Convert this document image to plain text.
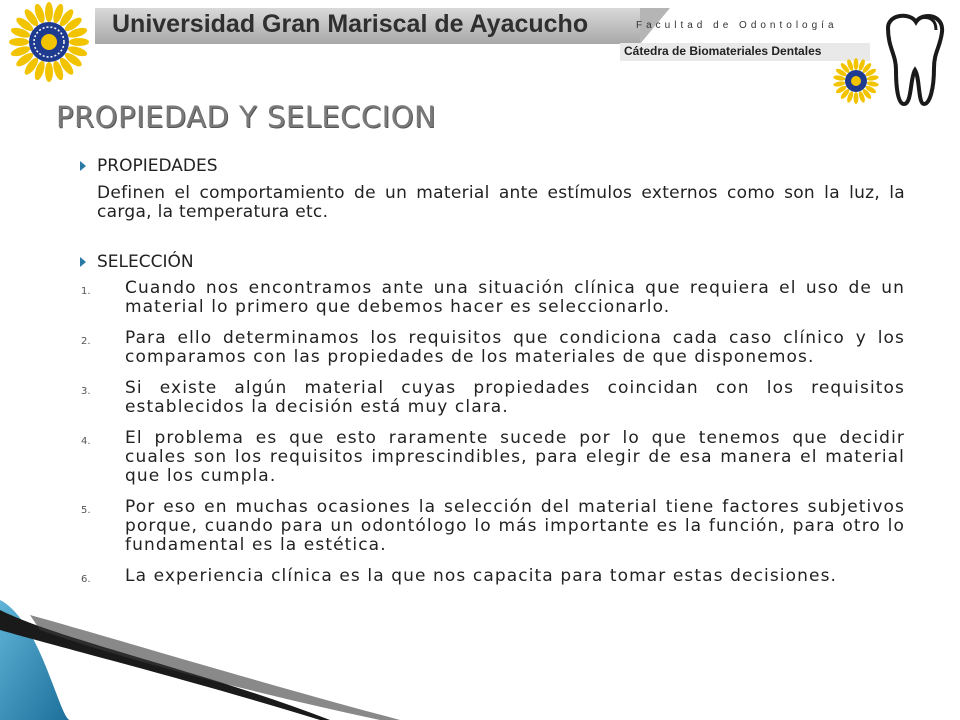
Universidad Gran Mariscal de Ayacucho	Facultad de Odontología
Cátedra de Biomateriales Dentales
PROPIEDAD Y SELECCION
PROPIEDADES
Definen el comportamiento de un material ante estímulos externos como son la luz, la carga, la temperatura etc.
SELECCIÓN
1. Cuando nos encontramos ante una situación clínica que requiera el uso de un material lo primero que debemos hacer es seleccionarlo.
2. Para ello determinamos los requisitos que condiciona cada caso clínico y los comparamos con las propiedades de los materiales de que disponemos.
3. Si existe algún material cuyas propiedades coincidan con los requisitos establecidos la decisión está muy clara.
4. El problema es que esto raramente sucede por lo que tenemos que decidir cuales son los requisitos imprescindibles, para elegir de esa manera el material que los cumpla.
5. Por eso en muchas ocasiones la selección del material tiene factores subjetivos porque, cuando para un odontólogo lo más importante es la función, para otro lo fundamental es la estética.
6. La experiencia clínica es la que nos capacita para tomar estas decisiones.
